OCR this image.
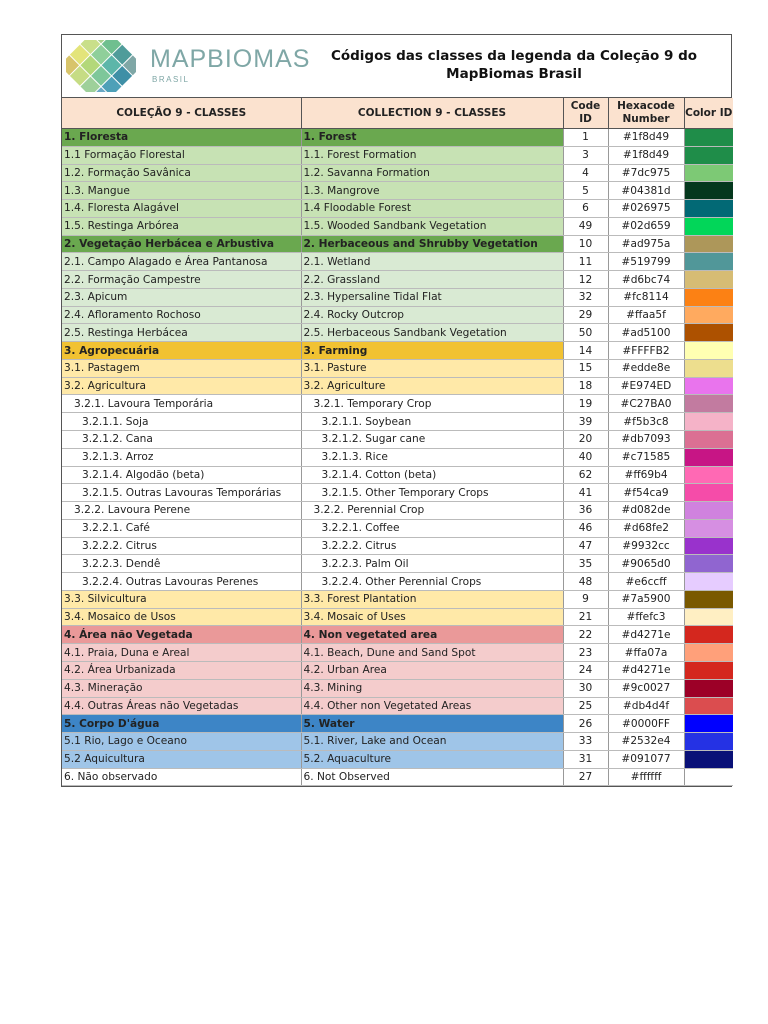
MAPBIOMAS
BRASIL
Códigos das classes da legenda da Coleção 9 do MapBiomas Brasil
COLEÇÃO 9 - CLASSES	COLLECTION 9 - CLASSES	Code ID	Hexacode Number	Color ID
1. Floresta	1. Forest	1	#1f8d49	
1.1 Formação Florestal	1.1. Forest Formation	3	#1f8d49	
1.2. Formação Savânica	1.2. Savanna Formation	4	#7dc975	
1.3. Mangue	1.3. Mangrove	5	#04381d	
1.4. Floresta Alagável	1.4 Floodable Forest	6	#026975	
1.5. Restinga Arbórea	1.5. Wooded Sandbank Vegetation	49	#02d659	
2. Vegetação Herbácea e Arbustiva	2. Herbaceous and Shrubby Vegetation	10	#ad975a	
2.1. Campo Alagado e Área Pantanosa	2.1. Wetland	11	#519799	
2.2. Formação Campestre	2.2. Grassland	12	#d6bc74	
2.3. Apicum	2.3. Hypersaline Tidal Flat	32	#fc8114	
2.4. Afloramento Rochoso	2.4. Rocky Outcrop	29	#ffaa5f	
2.5. Restinga Herbácea	2.5. Herbaceous Sandbank Vegetation	50	#ad5100	
3. Agropecuária	3. Farming	14	#FFFFB2	
3.1. Pastagem	3.1. Pasture	15	#edde8e	
3.2. Agricultura	3.2. Agriculture	18	#E974ED	
3.2.1. Lavoura Temporária	3.2.1. Temporary Crop	19	#C27BA0	
3.2.1.1. Soja	3.2.1.1. Soybean	39	#f5b3c8	
3.2.1.2. Cana	3.2.1.2. Sugar cane	20	#db7093	
3.2.1.3. Arroz	3.2.1.3. Rice	40	#c71585	
3.2.1.4. Algodão (beta)	3.2.1.4. Cotton (beta)	62	#ff69b4	
3.2.1.5. Outras Lavouras Temporárias	3.2.1.5. Other Temporary Crops	41	#f54ca9	
3.2.2. Lavoura Perene	3.2.2. Perennial Crop	36	#d082de	
3.2.2.1. Café	3.2.2.1. Coffee	46	#d68fe2	
3.2.2.2. Citrus	3.2.2.2. Citrus	47	#9932cc	
3.2.2.3. Dendê	3.2.2.3. Palm Oil	35	#9065d0	
3.2.2.4. Outras Lavouras Perenes	3.2.2.4. Other Perennial Crops	48	#e6ccff	
3.3. Silvicultura	3.3. Forest Plantation	9	#7a5900	
3.4. Mosaico de Usos	3.4. Mosaic of Uses	21	#ffefc3	
4. Área não Vegetada	4. Non vegetated area	22	#d4271e	
4.1. Praia, Duna e Areal	4.1. Beach, Dune and Sand Spot	23	#ffa07a	
4.2. Área Urbanizada	4.2. Urban Area	24	#d4271e	
4.3. Mineração	4.3. Mining	30	#9c0027	
4.4. Outras Áreas não Vegetadas	4.4. Other non Vegetated Areas	25	#db4d4f	
5. Corpo D'água	5. Water	26	#0000FF	
5.1 Rio, Lago e Oceano	5.1. River, Lake and Ocean	33	#2532e4	
5.2 Aquicultura	5.2. Aquaculture	31	#091077	
6. Não observado	6. Not Observed	27	#ffffff	
